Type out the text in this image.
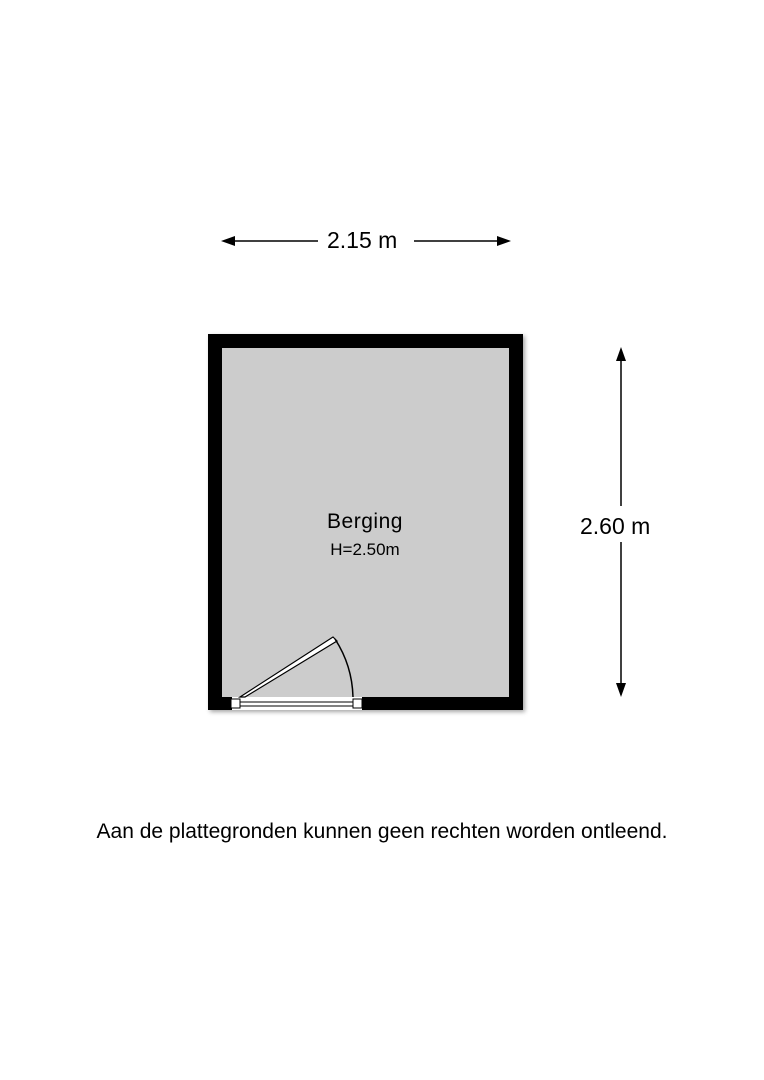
2.15 m
2.60 m
Berging
H=2.50m
Aan de plattegronden kunnen geen rechten worden ontleend.
